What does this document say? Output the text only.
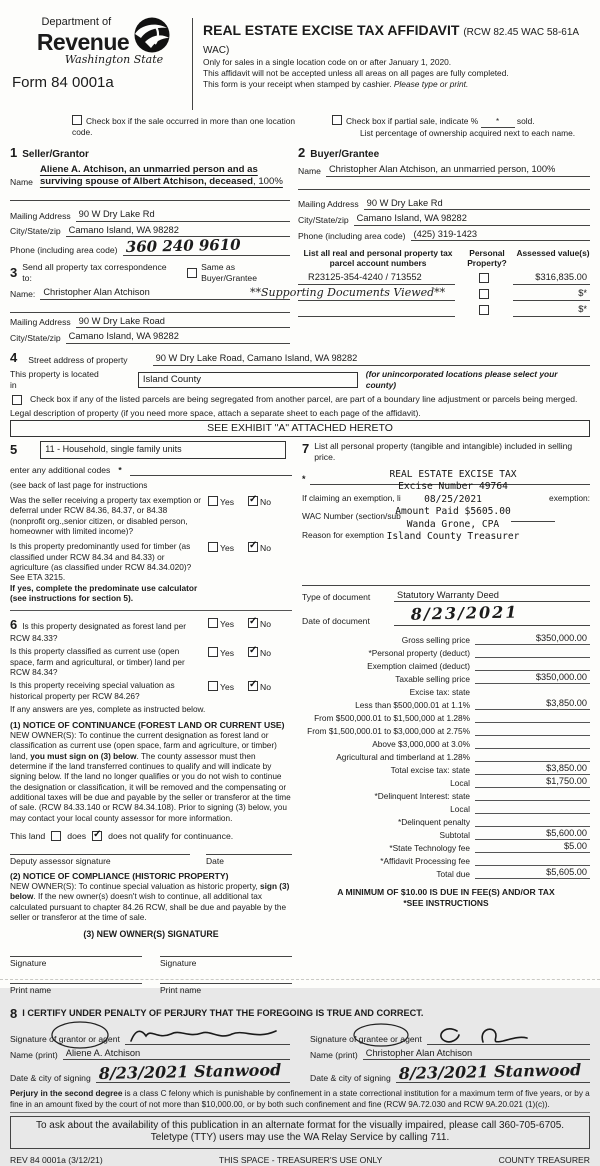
Department of
Revenue
Washington State
Form 84 0001a
REAL ESTATE EXCISE TAX AFFIDAVIT (RCW 82.45 WAC 58-61A WAC)
Only for sales in a single location code on or after January 1, 2020.
This affidavit will not be accepted unless all areas on all pages are fully completed.
This form is your receipt when stamped by cashier. Please type or print.
Check box if the sale occurred in more than one location code.
Check box if partial sale, indicate % * sold.
List percentage of ownership acquired next to each name.
1 Seller/Grantor
Name
Aliene A. Atchison, an unmarried person and as surviving spouse of Albert Atchison, deceased, 100%
Mailing Address 90 W Dry Lake Rd
City/State/zip Camano Island, WA 98282
Phone (including area code) 360 240 9610
3 Send all property tax correspondence to:
Same as Buyer/Grantee
Name: Christopher Alan Atchison
Mailing Address 90 W Dry Lake Road
City/State/zip Camano Island, WA 98282
2 Buyer/Grantee
Name Christopher Alan Atchison, an unmarried person, 100%
Mailing Address 90 W Dry Lake Rd
City/State/zip Camano Island, WA 98282
Phone (including area code) (425) 319-1423
List all real and personal property tax parcel account numbers
Personal Property?
Assessed value(s)
R23125-354-4240 / 713552	$316,835.00
$*
**Supporting Documents Viewed**
$*
4	Street address of property	90 W Dry Lake Road, Camano Island, WA 98282
This property is located in	Island County	(for unincorporated locations please select your county)
Check box if any of the listed parcels are being segregated from another parcel, are part of a boundary line adjustment or parcels being merged.
Legal description of property (if you need more space, attach a separate sheet to each page of the affidavit).
SEE EXHIBIT "A" ATTACHED HERETO
5	11 - Household, single family units
enter any additional codes *
(see back of last page for instructions
Was the seller receiving a property tax exemption or deferral under RCW 84.36, 84.37, or 84.38 (nonprofit org.,senior citizen, or disabled person, homeowner with limited income)?
Yes ✓	No
Is this property predominantly used for timber (as classified under RCW 84.34 and 84.33) or agriculture (as classified under RCW 84.34.020)? See ETA 3215.
If yes, complete the predominate use calculator (see instructions for section 5).
Yes ✓	No
6 Is this property designated as forest land per RCW 84.33?
Yes ✓	No
Is this property classified as current use (open space, farm and agricultural, or timber) land per RCW 84.34?
Yes ✓	No
Is this property receiving special valuation as historical property per RCW 84.26?
Yes ✓	No
If any answers are yes, complete as instructed below.
(1) NOTICE OF CONTINUANCE (FOREST LAND OR CURRENT USE)
NEW OWNER(S): To continue the current designation as forest land or classification as current use (open space, farm and agriculture, or timber) land, you must sign on (3) below. The county assessor must then determine if the land transferred continues to qualify and will indicate by signing below. If the land no longer qualifies or you do not wish to continue the designation or classification, it will be removed and the compensating or additional taxes will be due and payable by the seller or transferor at the time of sale. (RCW 84.33.140 or RCW 84.34.108). Prior to signing (3) below, you may contact your local county assessor for more information.
This land	does ✓	does not qualify for continuance.
Deputy assessor signature	Date
(2) NOTICE OF COMPLIANCE (HISTORIC PROPERTY)
NEW OWNER(S): To continue special valuation as historic property, sign (3) below. If the new owner(s) doesn't wish to continue, all additional tax calculated pursuant to chapter 84.26 RCW, shall be due and payable by the seller or transferor at the time of sale.
(3) NEW OWNER(S) SIGNATURE
Signature
Print name
Signature
Print name
7 List all personal property (tangible and intangible) included in selling price.
*
If claiming an exemption, li	exemption:
WAC Number (section/sub
Reason for exemption
REAL ESTATE EXCISE TAX
Excise Number 49764
08/25/2021
Amount Paid $5605.00
Wanda Grone, CPA
Island County Treasurer
Type of document	Statutory Warranty Deed
Date of document	8/23/2021
Gross selling price	$350,000.00
*Personal property (deduct)
Exemption claimed (deduct)
Taxable selling price	$350,000.00
Excise tax: state
Less than $500,000.01 at 1.1%	$3,850.00
From $500,000.01 to $1,500,000 at 1.28%
From $1,500,000.01 to $3,000,000 at 2.75%
Above $3,000,000 at 3.0%
Agricultural and timberland at 1.28%
Total excise tax: state	$3,850.00
Local	$1,750.00
*Delinquent Interest: state
Local
*Delinquent penalty
Subtotal	$5,600.00
*State Technology fee	$5.00
*Affidavit Processing fee
Total due	$5,605.00
A MINIMUM OF $10.00 IS DUE IN FEE(S) AND/OR TAX
*SEE INSTRUCTIONS
8 I CERTIFY UNDER PENALTY OF PERJURY THAT THE FOREGOING IS TRUE AND CORRECT.
Signature of grantor or agent
Name (print) Aliene A. Atchison
Date & city of signing 8/23/2021 Stanwood
Signature of grantee or agent
Name (print) Christopher Alan Atchison
Date & city of signing 8/23/2021 Stanwood
Perjury in the second degree is a class C felony which is punishable by confinement in a state correctional institution for a maximum term of five years, or by a fine in an amount fixed by the court of not more than $10,000.00, or by both such confinement and fine (RCW 9A.72.030 and RCW 9A.20.021 (1)(c)).
To ask about the availability of this publication in an alternate format for the visually impaired, please call 360-705-6705. Teletype (TTY) users may use the WA Relay Service by calling 711.
REV 84 0001a (3/12/21)	THIS SPACE - TREASURER'S USE ONLY	COUNTY TREASURER
